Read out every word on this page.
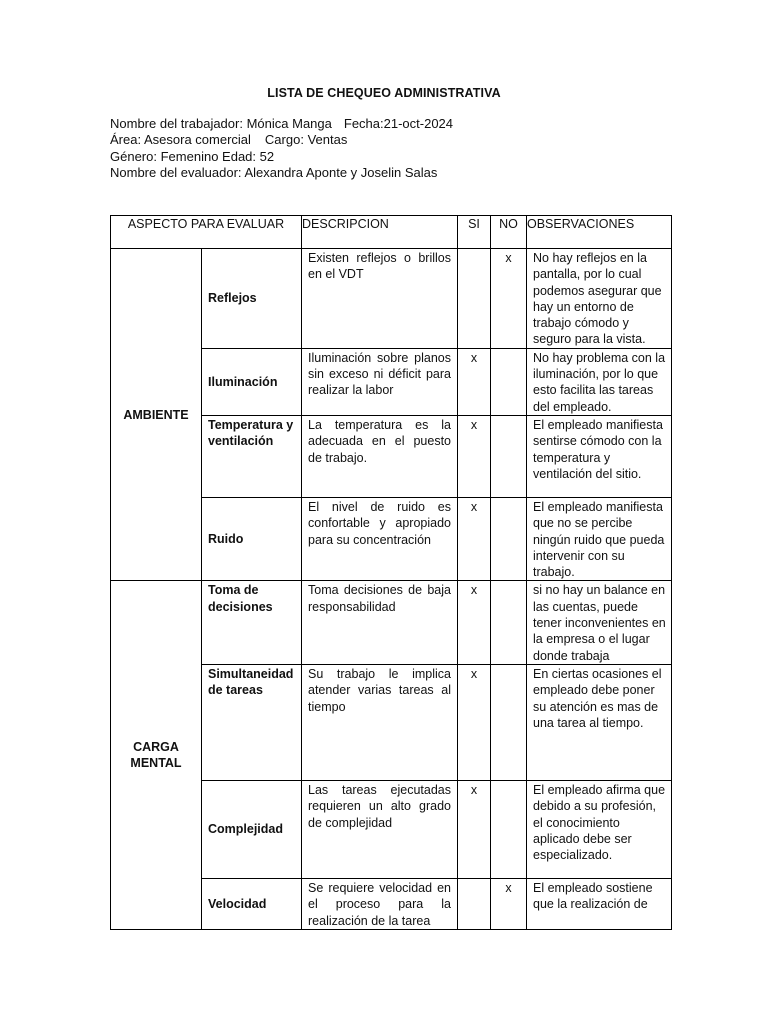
LISTA DE CHEQUEO ADMINISTRATIVA
Nombre del trabajador: Mónica Manga Fecha:21-oct-2024
Área: Asesora comercial Cargo: Ventas
Género: Femenino Edad: 52
Nombre del evaluador: Alexandra Aponte y Joselin Salas
ASPECTO PARA EVALUAR		DESCRIPCION	SI	NO	OBSERVACIONES
AMBIENTE	Reflejos	Existen reflejos o brillos en el VDT		x	No hay reflejos en la pantalla, por lo cual podemos asegurar que hay un entorno de trabajo cómodo y seguro para la vista.
	Iluminación	Iluminación sobre planos sin exceso ni déficit para realizar la labor	x		No hay problema con la iluminación, por lo que esto facilita las tareas del empleado.
	Temperatura y ventilación	La temperatura es la adecuada en el puesto de trabajo.	x		El empleado manifiesta sentirse cómodo con la temperatura y ventilación del sitio.
	Ruido	El nivel de ruido es confortable y apropiado para su concentración	x		El empleado manifiesta que no se percibe ningún ruido que pueda intervenir con su trabajo.
CARGA MENTAL	Toma de decisiones	Toma decisiones de baja responsabilidad	x		si no hay un balance en las cuentas, puede tener inconvenientes en la empresa o el lugar donde trabaja
	Simultaneidad de tareas	Su trabajo le implica atender varias tareas al tiempo	x		En ciertas ocasiones el empleado debe poner su atención es mas de una tarea al tiempo.
	Complejidad	Las tareas ejecutadas requieren un alto grado de complejidad	x		El empleado afirma que debido a su profesión, el conocimiento aplicado debe ser especializado.
	Velocidad	Se requiere velocidad en el proceso para la realización de la tarea		x	El empleado sostiene que la realización de
